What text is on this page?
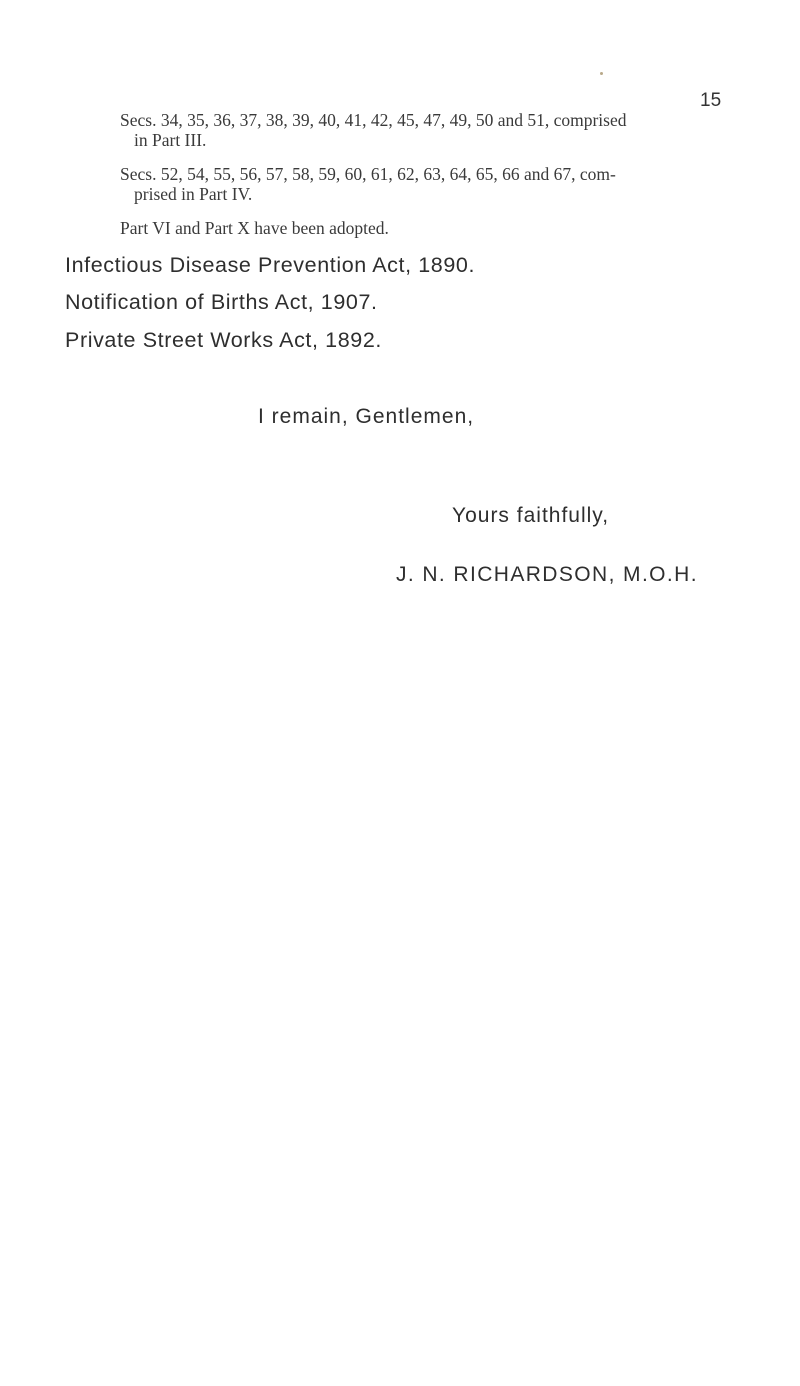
15

Secs. 34, 35, 36, 37, 38, 39, 40, 41, 42, 45, 47, 49, 50 and 51, comprised
in Part III.

Secs. 52, 54, 55, 56, 57, 58, 59, 60, 61, 62, 63, 64, 65, 66 and 67, com-
prised in Part IV.

Part VI and Part X have been adopted.

Infectious Disease Prevention Act, 1890.
Notification of Births Act, 1907.
Private Street Works Act, 1892.
I remain, Gentlemen,
Yours faithfully,
J. N. RICHARDSON, M.O.H.
